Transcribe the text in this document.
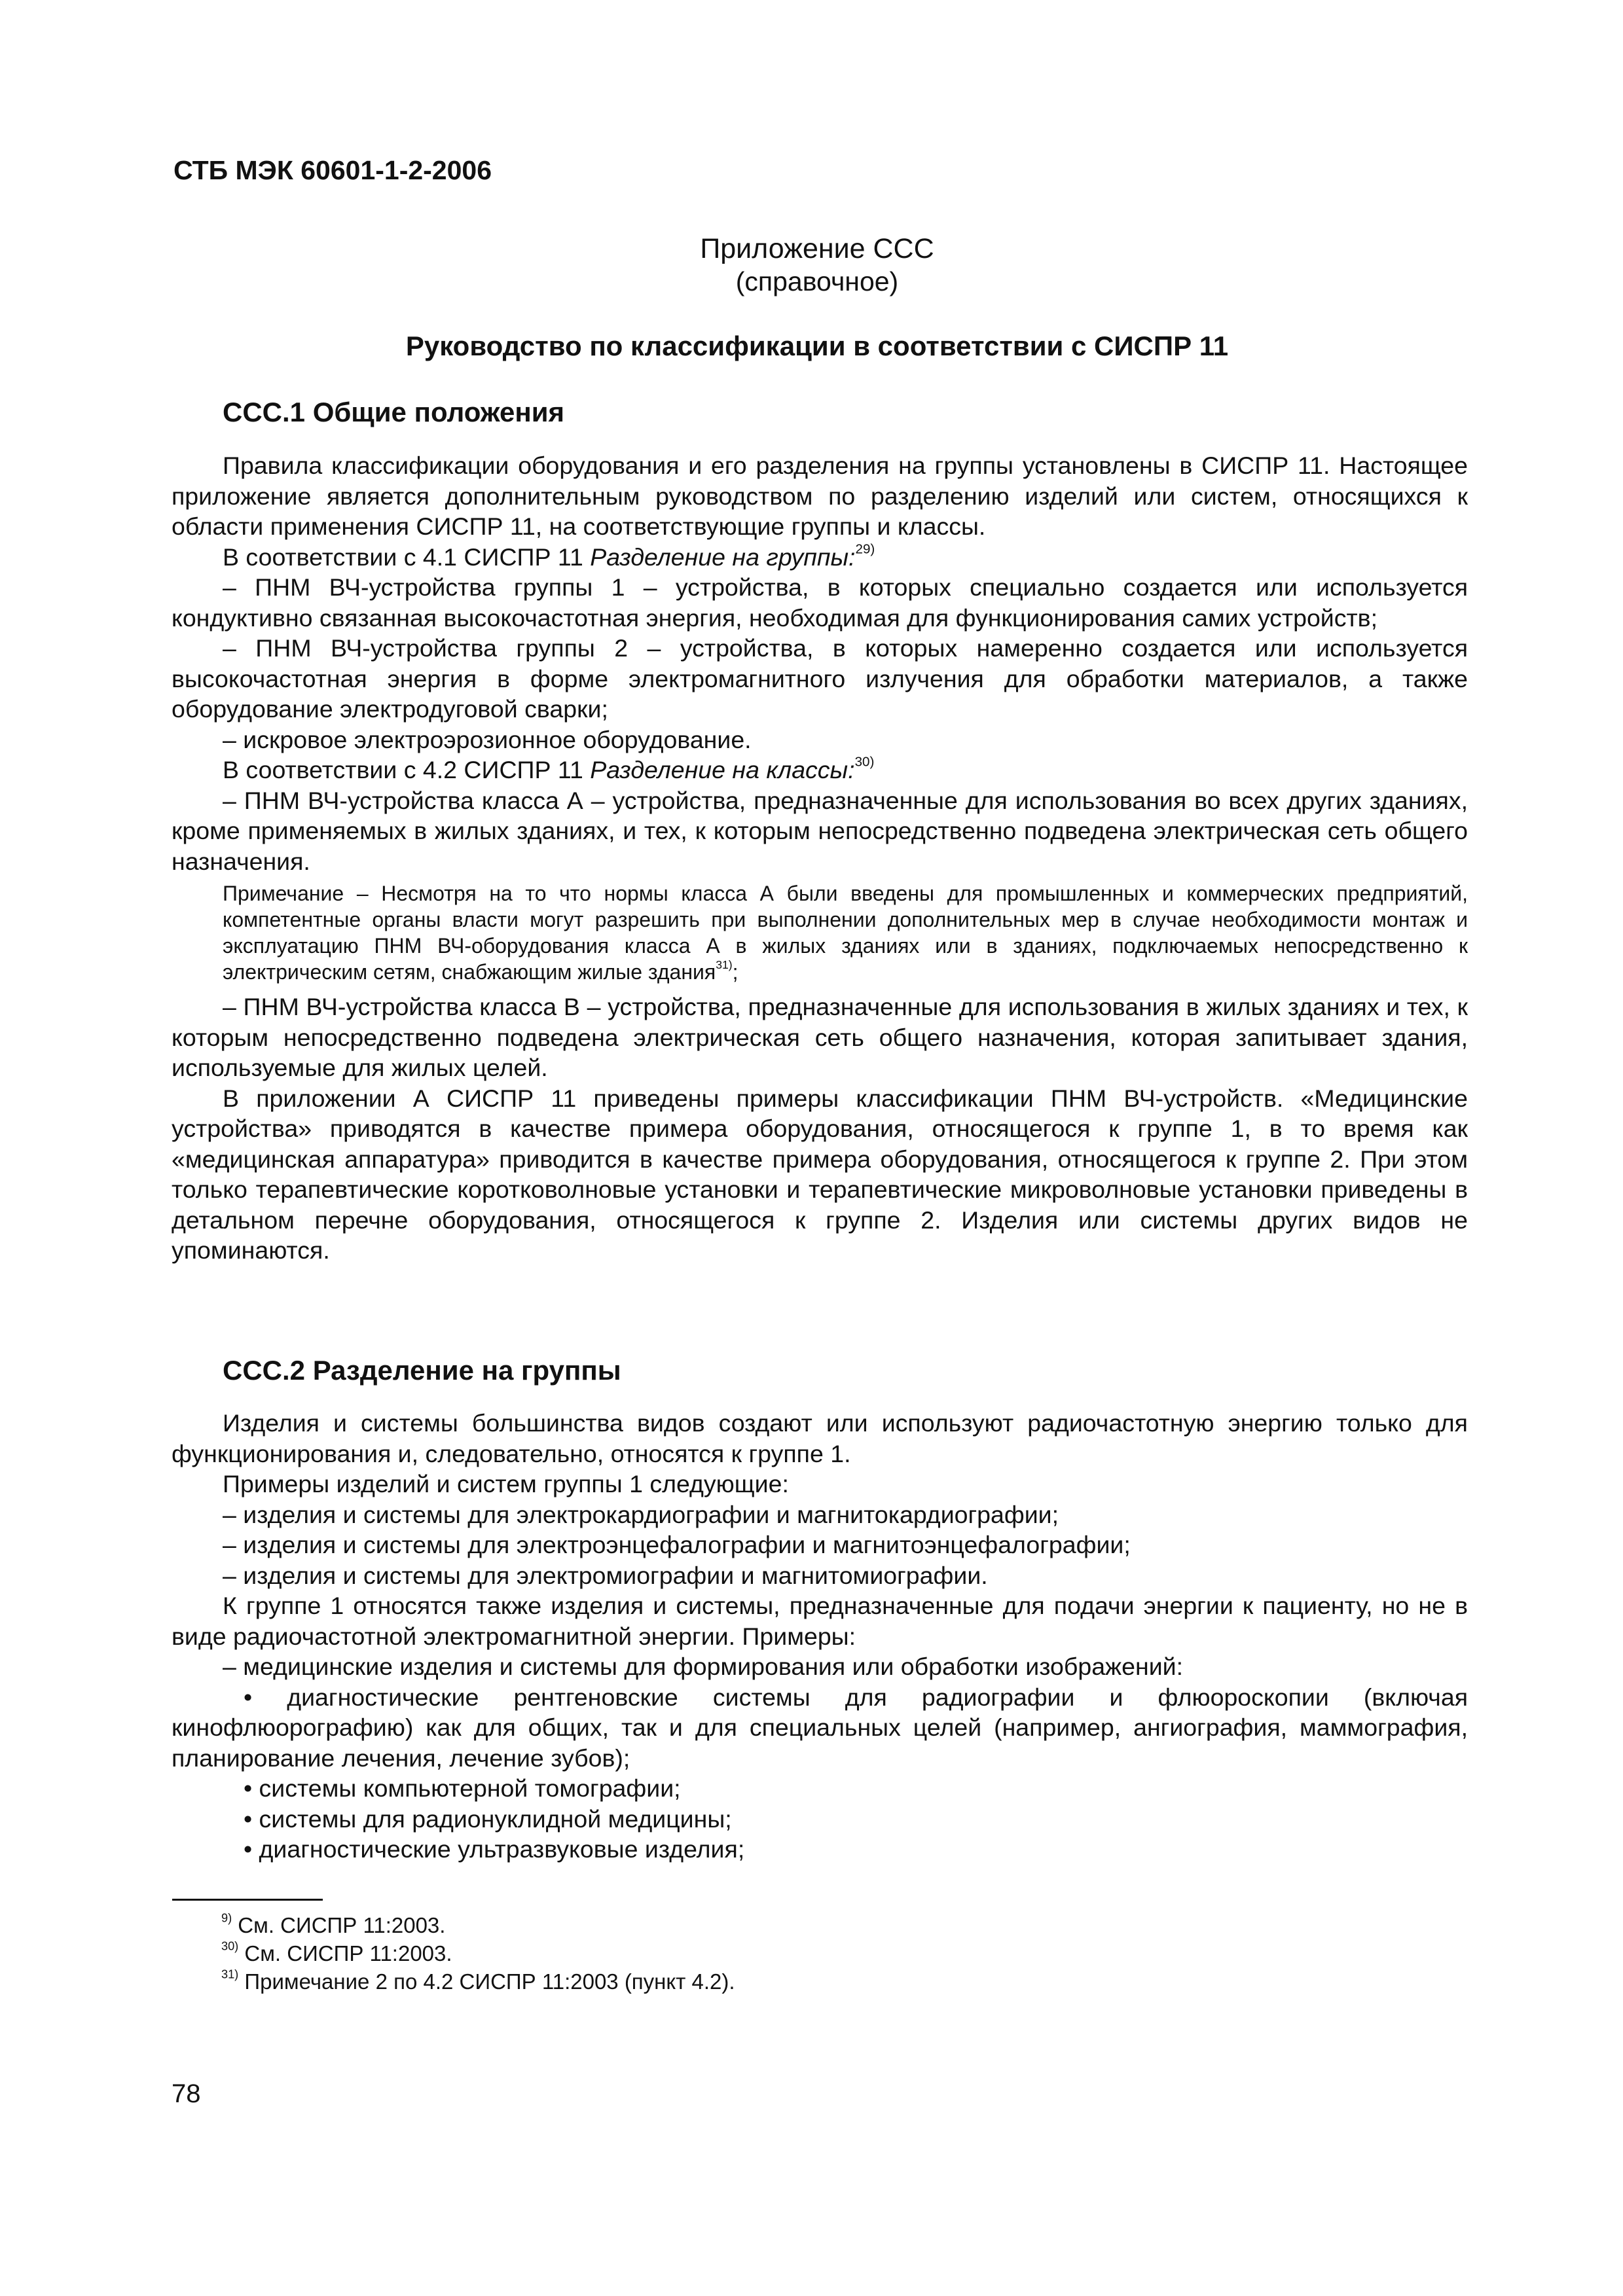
СТБ МЭК 60601-1-2-2006
Приложение ССС
(справочное)
Руководство по классификации в соответствии с СИСПР 11
ССС.1 Общие положения

Правила классификации оборудования и его разделения на группы установлены в СИСПР 11. Настоящее приложение является дополнительным руководством по разделению изделий или систем, относящихся к области применения СИСПР 11, на соответствующие группы и классы.

В соответствии с 4.1 СИСПР 11 Разделение на группы:$^{29)}$

– ПНМ ВЧ-устройства группы 1 – устройства, в которых специально создается или используется кондуктивно связанная высокочастотная энергия, необходимая для функционирования самих устройств;

– ПНМ ВЧ-устройства группы 2 – устройства, в которых намеренно создается или используется высокочастотная энергия в форме электромагнитного излучения для обработки материалов, а также оборудование электродуговой сварки;

– искровое электроэрозионное оборудование.

В соответствии с 4.2 СИСПР 11 Разделение на классы:$^{30)}$

– ПНМ ВЧ-устройства класса А – устройства, предназначенные для использования во всех других зданиях, кроме применяемых в жилых зданиях, и тех, к которым непосредственно подведена электрическая сеть общего назначения.

Примечание – Несмотря на то что нормы класса А были введены для промышленных и коммерческих предприятий, компетентные органы власти могут разрешить при выполнении дополнительных мер в случае необходимости монтаж и эксплуатацию ПНМ ВЧ-оборудования класса А в жилых зданиях или в зданиях, подключаемых непосредственно к электрическим сетям, снабжающим жилые здания$^{31)}$;

– ПНМ ВЧ-устройства класса В – устройства, предназначенные для использования в жилых зданиях и тех, к которым непосредственно подведена электрическая сеть общего назначения, которая запитывает здания, используемые для жилых целей.

В приложении А СИСПР 11 приведены примеры классификации ПНМ ВЧ-устройств. «Медицинские устройства» приводятся в качестве примера оборудования, относящегося к группе 1, в то время как «медицинская аппаратура» приводится в качестве примера оборудования, относящегося к группе 2. При этом только терапевтические коротковолновые установки и терапевтические микроволновые установки приведены в детальном перечне оборудования, относящегося к группе 2. Изделия или системы других видов не упоминаются.

ССС.2 Разделение на группы

Изделия и системы большинства видов создают или используют радиочастотную энергию только для функционирования и, следовательно, относятся к группе 1.

Примеры изделий и систем группы 1 следующие:

– изделия и системы для электрокардиографии и магнитокардиографии;

– изделия и системы для электроэнцефалографии и магнитоэнцефалографии;

– изделия и системы для электромиографии и магнитомиографии.

К группе 1 относятся также изделия и системы, предназначенные для подачи энергии к пациенту, но не в виде радиочастотной электромагнитной энергии. Примеры:

– медицинские изделия и системы для формирования или обработки изображений:

• диагностические рентгеновские системы для радиографии и флюороскопии (включая кинофлюорографию) как для общих, так и для специальных целей (например, ангиография, маммография, планирование лечения, лечение зубов);

• системы компьютерной томографии;

• системы для радионуклидной медицины;

• диагностические ультразвуковые изделия;

$^{9)}$ См. СИСПР 11:2003.
$^{30)}$ См. СИСПР 11:2003.
$^{31)}$ Примечание 2 по 4.2 СИСПР 11:2003 (пункт 4.2).
78
